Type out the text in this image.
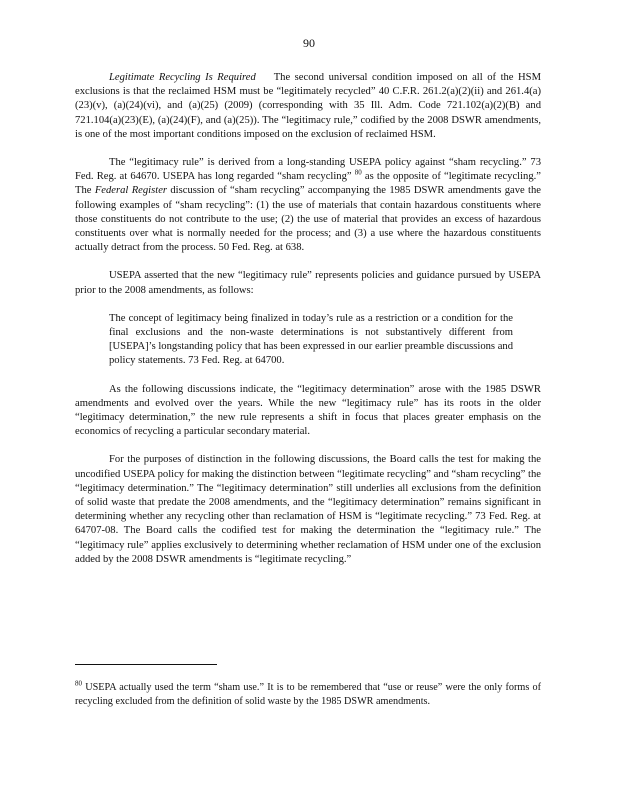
90

Legitimate Recycling Is Required The second universal condition imposed on all of the HSM exclusions is that the reclaimed HSM must be “legitimately recycled” 40 C.F.R. 261.2(a)(2)(ii) and 261.4(a)(23)(v), (a)(24)(vi), and (a)(25) (2009) (corresponding with 35 Ill. Adm. Code 721.102(a)(2)(B) and 721.104(a)(23)(E), (a)(24)(F), and (a)(25)). The “legitimacy rule,” codified by the 2008 DSWR amendments, is one of the most important conditions imposed on the exclusion of reclaimed HSM.

The “legitimacy rule” is derived from a long-standing USEPA policy against “sham recycling.” 73 Fed. Reg. at 64670. USEPA has long regarded “sham recycling” $^{80}$ as the opposite of “legitimate recycling.” The Federal Register discussion of “sham recycling” accompanying the 1985 DSWR amendments gave the following examples of “sham recycling”: (1) the use of materials that contain hazardous constituents where those constituents do not contribute to the use; (2) the use of material that provides an excess of hazardous constituents over what is normally needed for the process; and (3) a use where the hazardous constituents actually detract from the process. 50 Fed. Reg. at 638.

USEPA asserted that the new “legitimacy rule” represents policies and guidance pursued by USEPA prior to the 2008 amendments, as follows:

The concept of legitimacy being finalized in today’s rule as a restriction or a condition for the final exclusions and the non-waste determinations is not substantively different from [USEPA]’s longstanding policy that has been expressed in our earlier preamble discussions and policy statements. 73 Fed. Reg. at 64700.

As the following discussions indicate, the “legitimacy determination” arose with the 1985 DSWR amendments and evolved over the years. While the new “legitimacy rule” has its roots in the older “legitimacy determination,” the new rule represents a shift in focus that places greater emphasis on the economics of recycling a particular secondary material.

For the purposes of distinction in the following discussions, the Board calls the test for making the uncodified USEPA policy for making the distinction between “legitimate recycling” and “sham recycling” the “legitimacy determination.” The “legitimacy determination” still underlies all exclusions from the definition of solid waste that predate the 2008 amendments, and the “legitimacy determination” remains significant in determining whether any recycling other than reclamation of HSM is “legitimate recycling.” 73 Fed. Reg. at 64707-08. The Board calls the codified test for making the determination the “legitimacy rule.” The “legitimacy rule” applies exclusively to determining whether reclamation of HSM under one of the exclusion added by the 2008 DSWR amendments is “legitimate recycling.”

$^{80}$ USEPA actually used the term “sham use.” It is to be remembered that “use or reuse” were the only forms of recycling excluded from the definition of solid waste by the 1985 DSWR amendments.
